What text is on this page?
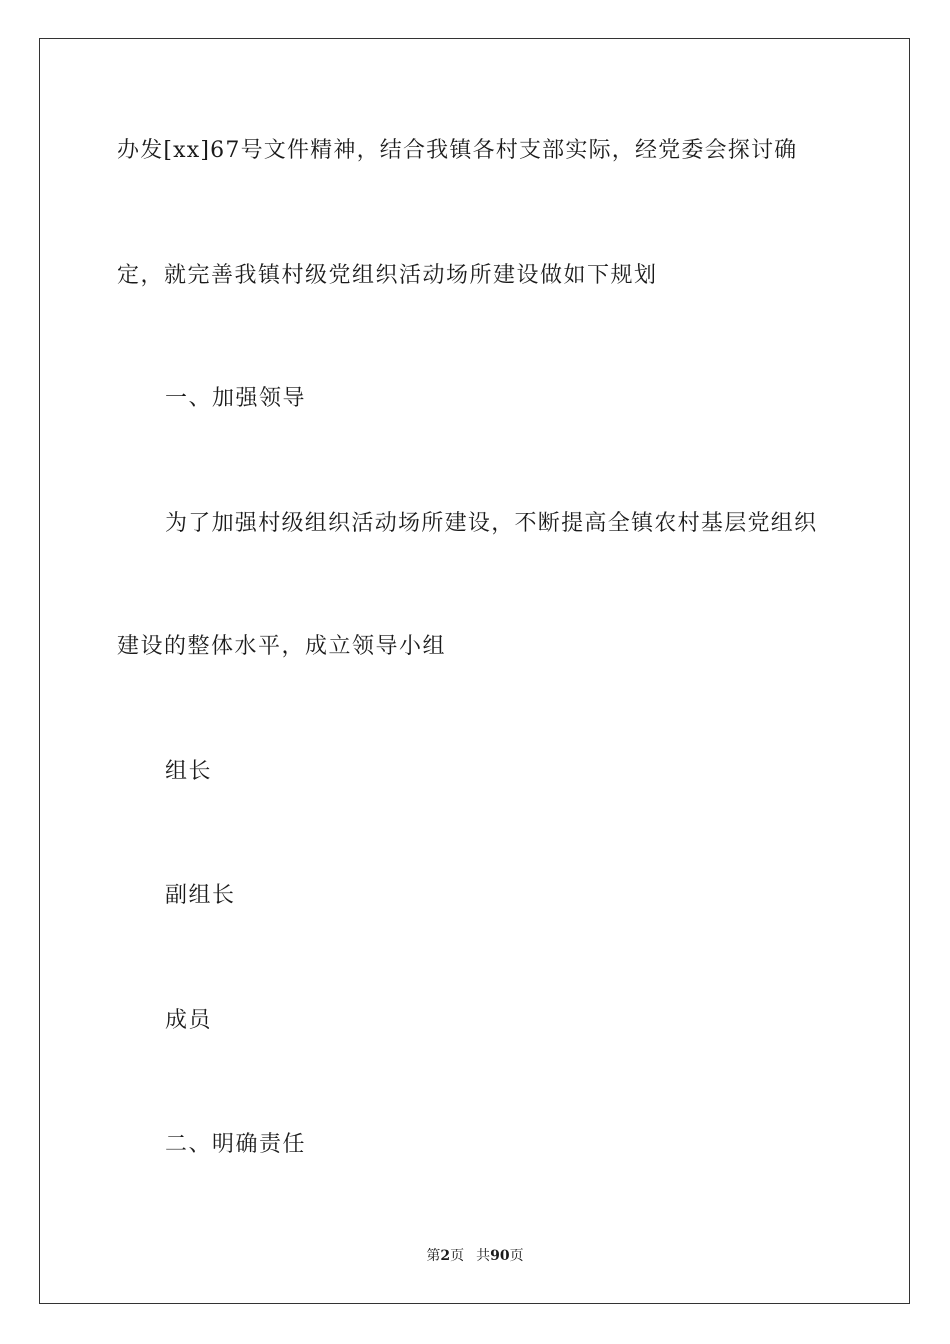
办发[xx]67号文件精神，结合我镇各村支部实际，经党委会探讨确
定，就完善我镇村级党组织活动场所建设做如下规划
一、加强领导
为了加强村级组织活动场所建设，不断提高全镇农村基层党组织
建设的整体水平，成立领导小组
组长
副组长
成员
二、明确责任
第2页 共90页
